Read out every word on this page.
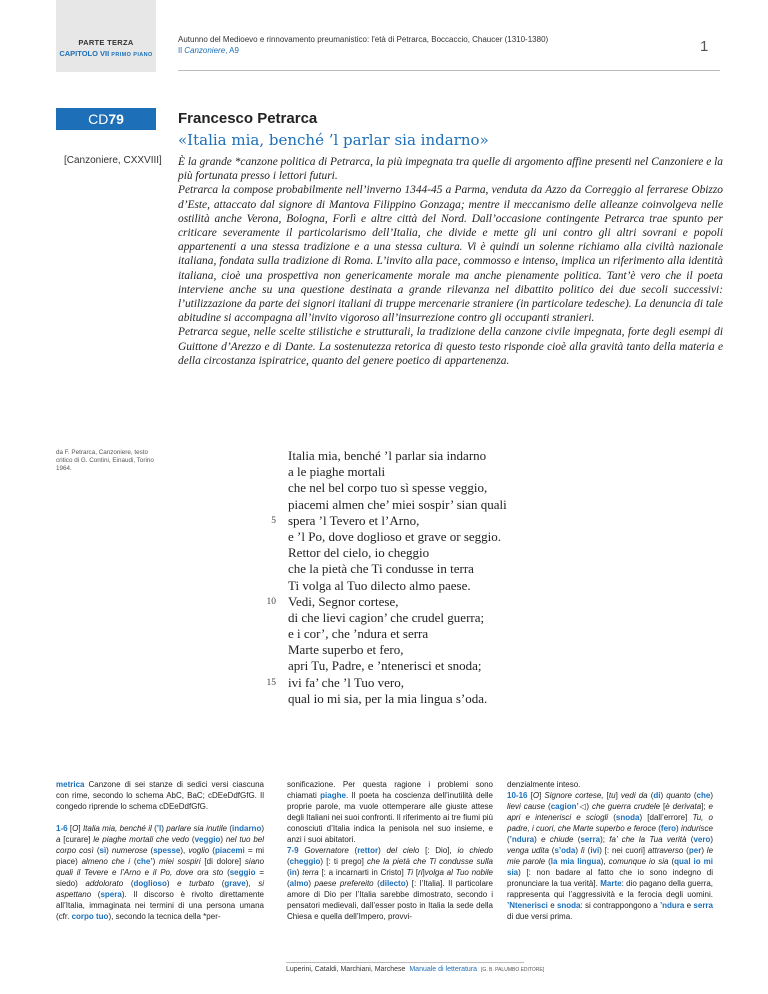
PARTE TERZA
CAPITOLO VII PRIMO PIANO
Autunno del Medioevo e rinnovamento preumanistico: l'età di Petrarca, Boccaccio, Chaucer (1310-1380)
Il Canzoniere, A9	1
CD79
[Canzoniere, CXXVIII]
Francesco Petrarca
«Italia mia, benché ’l parlar sia indarno»

È la grande *canzone politica di Petrarca, la più impegnata tra quelle di argomento affine presenti nel Canzoniere e la più fortunata presso i lettori futuri.

Petrarca la compose probabilmente nell’inverno 1344-45 a Parma, venduta da Azzo da Correggio al ferrarese Obizzo d’Este, attaccato dal signore di Mantova Filippino Gonzaga; mentre il meccanismo delle alleanze coinvolgeva nelle ostilità anche Verona, Bologna, Forlì e altre città del Nord. Dall’occasione contingente Petrarca trae spunto per criticare severamente il particolarismo dell’Italia, che divide e mette gli uni contro gli altri sovrani e popoli appartenenti a una stessa tradizione e a una stessa cultura. Vi è quindi un solenne richiamo alla civiltà nazionale italiana, fondata sulla tradizione di Roma. L’invito alla pace, commosso e intenso, implica un riferimento alla identità italiana, cioè una prospettiva non genericamente morale ma anche pienamente politica. Tant’è vero che il poeta interviene anche su una questione destinata a grande rilevanza nel dibattito politico dei due secoli successivi: l’utilizzazione da parte dei signori italiani di truppe mercenarie straniere (in particolare tedesche). La denuncia di tale abitudine si accompagna all’invito vigoroso all’insurrezione contro gli occupanti stranieri.

Petrarca segue, nelle scelte stilistiche e strutturali, la tradizione della canzone civile impegnata, forte degli esempi di Guittone d’Arezzo e di Dante. La sostenutezza retorica di questo testo risponde cioè alla gravità tanto della materia e della circostanza ispiratrice, quanto del genere poetico di appartenenza.

da F. Petrarca, Canzoniere, testo critico di G. Contini, Einaudi, Torino 1964.
Italia mia, benché ’l parlar sia indarno
a le piaghe mortali
che nel bel corpo tuo sì spesse veggio,
piacemi almen che’ miei sospir’ sian quali
5 spera ’l Tevero et l’Arno,
e ’l Po, dove doglioso et grave or seggio.
Rettor del cielo, io cheggio
che la pietà che Ti condusse in terra
Ti volga al Tuo dilecto almo paese.
10 Vedi, Segnor cortese,
di che lievi cagion’ che crudel guerra;
e i cor’, che ’ndura et serra
Marte superbo et fero,
apri Tu, Padre, e ’ntenerisci et snoda;
15 ivi fa’ che ’l Tuo vero,
qual io mi sia, per la mia lingua s’oda.

metrica Canzone di sei stanze di sedici versi ciascuna con rime, secondo lo schema AbC, BaC; cDEeDdfGfG. Il congedo riprende lo schema cDEeDdfGfG.

1-6 [O] Italia mia, benché il (’l) parlare sia inutile (indarno) a [curare] le piaghe mortali che vedo (veggio) nel tuo bel corpo così (sì) numerose (spesse), voglio (piacemi = mi piace) almeno che i (che’) miei sospiri [di dolore] siano quali il Tevere e l’Arno e il Po, dove ora sto (seggio = siedo) addolorato (doglioso) e turbato (grave), si aspettano (spera). Il discorso è rivolto direttamente all’Italia, immaginata nei termini di una persona umana (cfr. corpo tuo), secondo la tecnica della *per-

sonificazione. Per questa ragione i problemi sono chiamati piaghe. Il poeta ha coscienza dell’inutilità delle proprie parole, ma vuole ottemperare alle giuste attese degli Italiani nei suoi confronti. Il riferimento ai tre fiumi più conosciuti d’Italia indica la penisola nel suo insieme, e anzi i suoi abitatori.

7-9 Governatore (rettor) del cielo [: Dio], io chiedo (cheggio) [: ti prego] che la pietà che Ti condusse sulla (in) terra [: a incarnarti in Cristo] Ti [ri]volga al Tuo nobile (almo) paese prefereito (dilecto) [: l’Italia]. Il particolare amore di Dio per l’Italia sarebbe dimostrato, secondo i pensatori medievali, dall’esser posto in Italia la sede della Chiesa e quella dell’Impero, provvi-

denzialmente inteso.

10-16 [O] Signore cortese, [tu] vedi da (di) quanto (che) lievi cause (cagion’◁) che guerra crudele [è derivata]; e apri e intenerisci e sciogli (snoda) [dall’errore] Tu, o padre, i cuori, che Marte superbo e feroce (fero) indurisce (’ndura) e chiude (serra); fa’ che la Tua verità (vero) venga udita (s’oda) lì (ivi) [: nei cuori] attraverso (per) le mie parole (la mia lingua), comunque io sia (qual io mi sia) [: non badare al fatto che io sono indegno di pronunciare la tua verità]. Marte: dio pagano della guerra, rappresenta qui l’aggressività e la ferocia degli uomini. ’Ntenerisci e snoda: si contrappongono a ’ndura e serra di due versi prima.

Luperini, Cataldi, Marchiani, Marchese Manuale di letteratura [G. B. PALUMBO EDITORE]
